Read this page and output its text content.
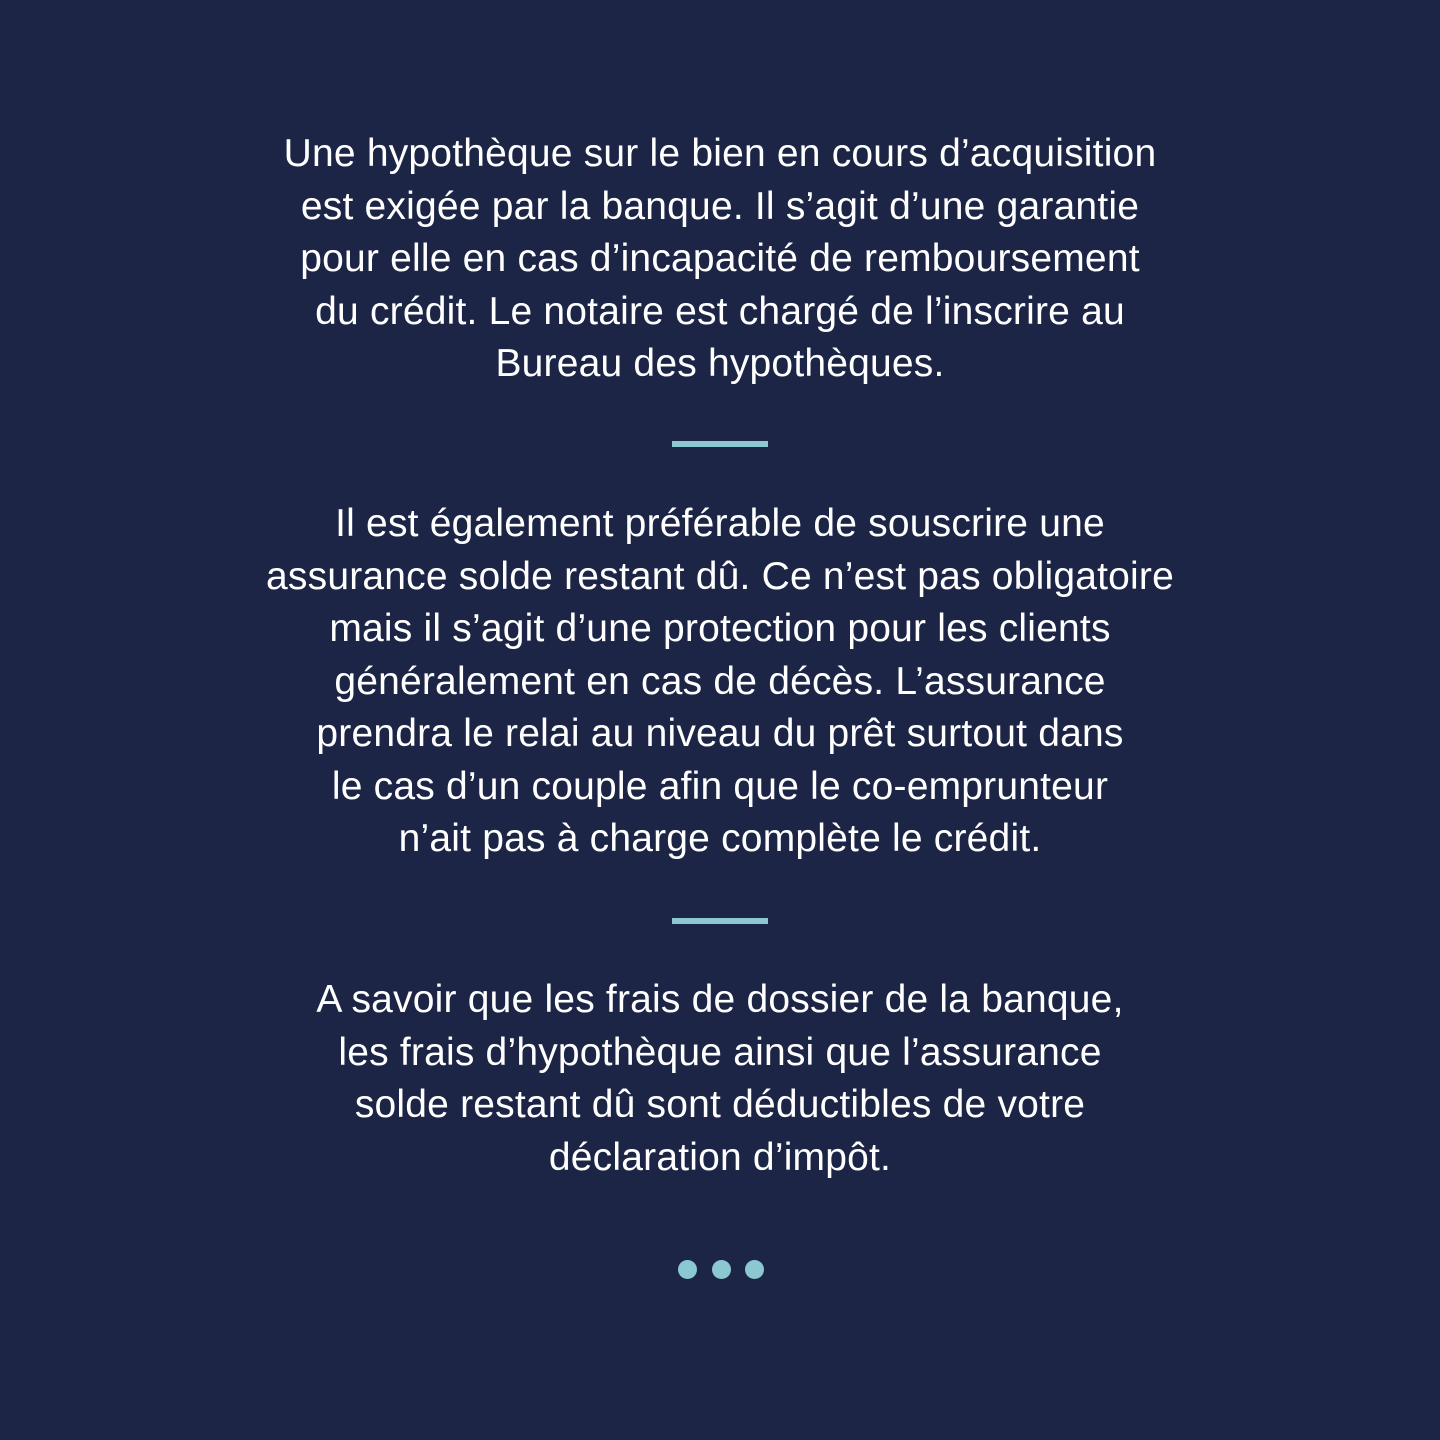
Une hypothèque sur le bien en cours d’acquisition
est exigée par la banque. Il s’agit d’une garantie
pour elle en cas d’incapacité de remboursement
du crédit. Le notaire est chargé de l’inscrire au
Bureau des hypothèques.

Il est également préférable de souscrire une
assurance solde restant dû. Ce n’est pas obligatoire
mais il s’agit d’une protection pour les clients
généralement en cas de décès. L’assurance
prendra le relai au niveau du prêt surtout dans
le cas d’un couple afin que le co-emprunteur
n’ait pas à charge complète le crédit.

A savoir que les frais de dossier de la banque,
les frais d’hypothèque ainsi que l’assurance
solde restant dû sont déductibles de votre
déclaration d’impôt.
